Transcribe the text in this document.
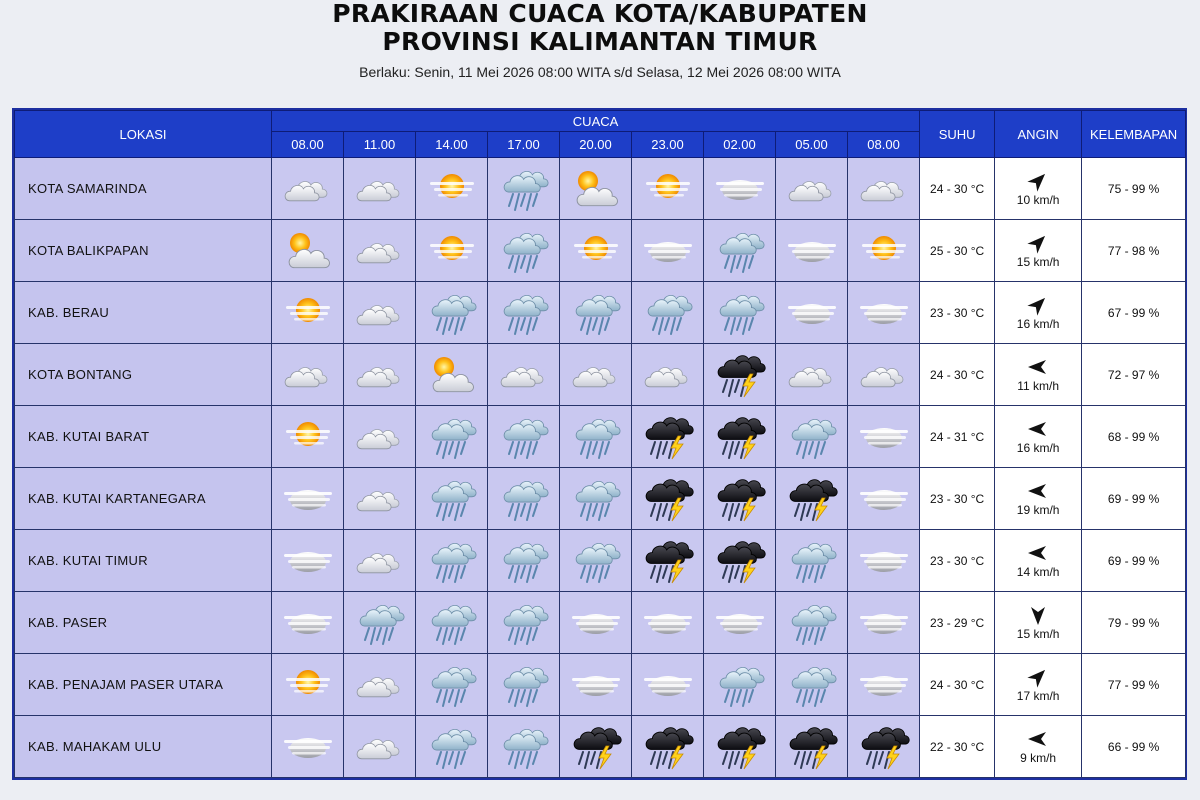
PRAKIRAAN CUACA KOTA/KABUPATEN
PROVINSI KALIMANTAN TIMUR
Berlaku: Senin, 11 Mei 2026 08:00 WITA s/d Selasa, 12 Mei 2026 08:00 WITA
LOKASI	CUACA									SUHU	ANGIN	KELEMBAPAN
	08.00	11.00	14.00	17.00	20.00	23.00	02.00	05.00	08.00			
KOTA SAMARINDA										24 - 30 °C	10 km/h	75 - 99 %
KOTA BALIKPAPAN										25 - 30 °C	15 km/h	77 - 98 %
KAB. BERAU										23 - 30 °C	16 km/h	67 - 99 %
KOTA BONTANG										24 - 30 °C	11 km/h	72 - 97 %
KAB. KUTAI BARAT										24 - 31 °C	16 km/h	68 - 99 %
KAB. KUTAI KARTANEGARA										23 - 30 °C	19 km/h	69 - 99 %
KAB. KUTAI TIMUR										23 - 30 °C	14 km/h	69 - 99 %
KAB. PASER										23 - 29 °C	15 km/h	79 - 99 %
KAB. PENAJAM PASER UTARA										24 - 30 °C	17 km/h	77 - 99 %
KAB. MAHAKAM ULU										22 - 30 °C	9 km/h	66 - 99 %
